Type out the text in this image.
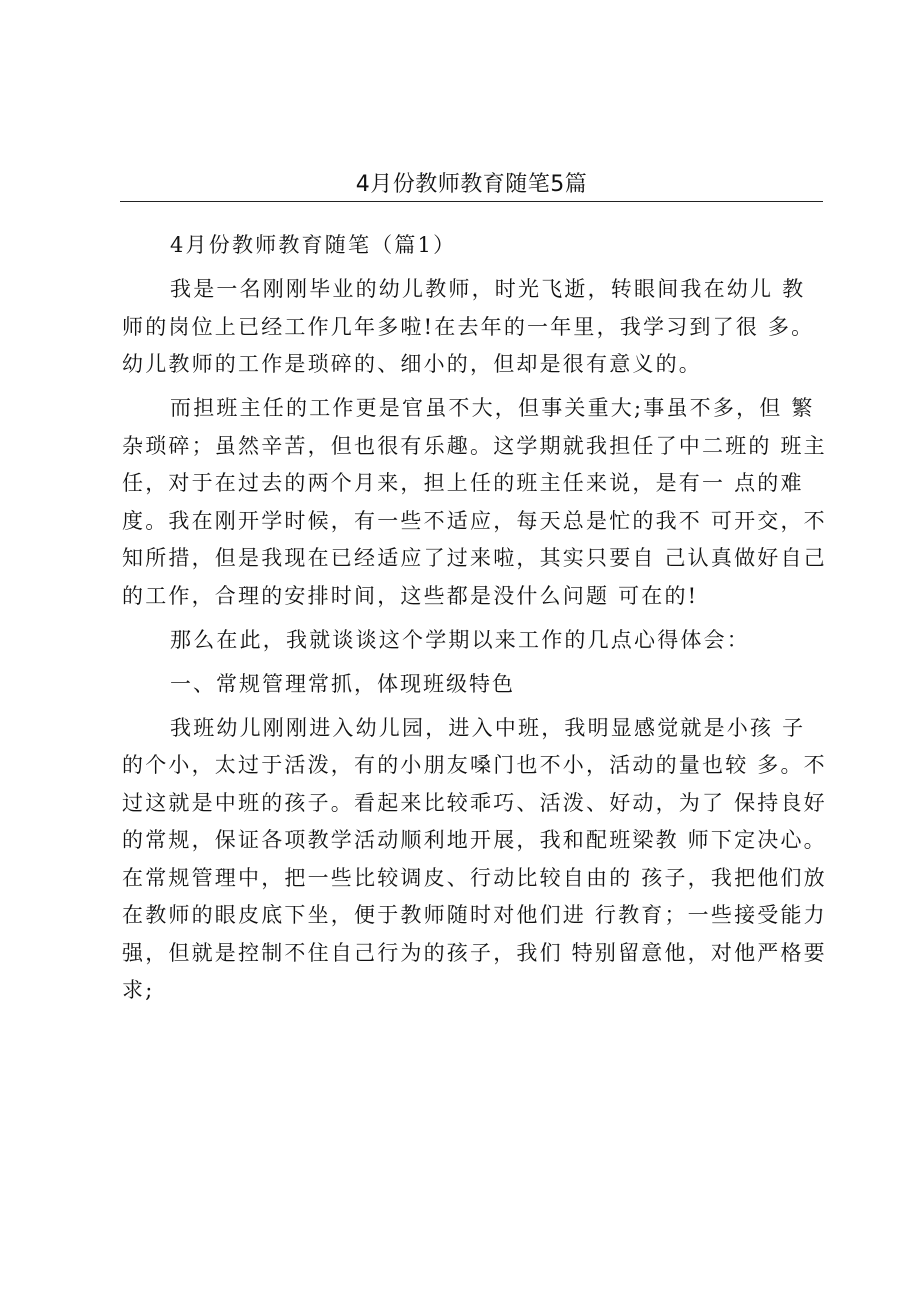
4月份教师教育随笔5篇

4月份教师教育随笔（篇1）

我是一名刚刚毕业的幼儿教师，时光飞逝，转眼间我在幼儿 教师的岗位上已经工作几年多啦!在去年的一年里，我学习到了很 多。幼儿教师的工作是琐碎的、细小的，但却是很有意义的。

而担班主任的工作更是官虽不大，但事关重大;事虽不多，但 繁杂琐碎；虽然辛苦，但也很有乐趣。这学期就我担任了中二班的 班主任，对于在过去的两个月来，担上任的班主任来说，是有一 点的难度。我在刚开学时候，有一些不适应，每天总是忙的我不 可开交，不知所措，但是我现在已经适应了过来啦，其实只要自 己认真做好自己的工作，合理的安排时间，这些都是没什么问题 可在的!

那么在此，我就谈谈这个学期以来工作的几点心得体会：

一、常规管理常抓，体现班级特色

我班幼儿刚刚进入幼儿园，进入中班，我明显感觉就是小孩 子的个小，太过于活泼，有的小朋友嗓门也不小，活动的量也较 多。不过这就是中班的孩子。看起来比较乖巧、活泼、好动，为了 保持良好的常规，保证各项教学活动顺利地开展，我和配班梁教 师下定决心。在常规管理中，把一些比较调皮、行动比较自由的 孩子，我把他们放在教师的眼皮底下坐，便于教师随时对他们进 行教育；一些接受能力强，但就是控制不住自己行为的孩子，我们 特别留意他，对他严格要求;
